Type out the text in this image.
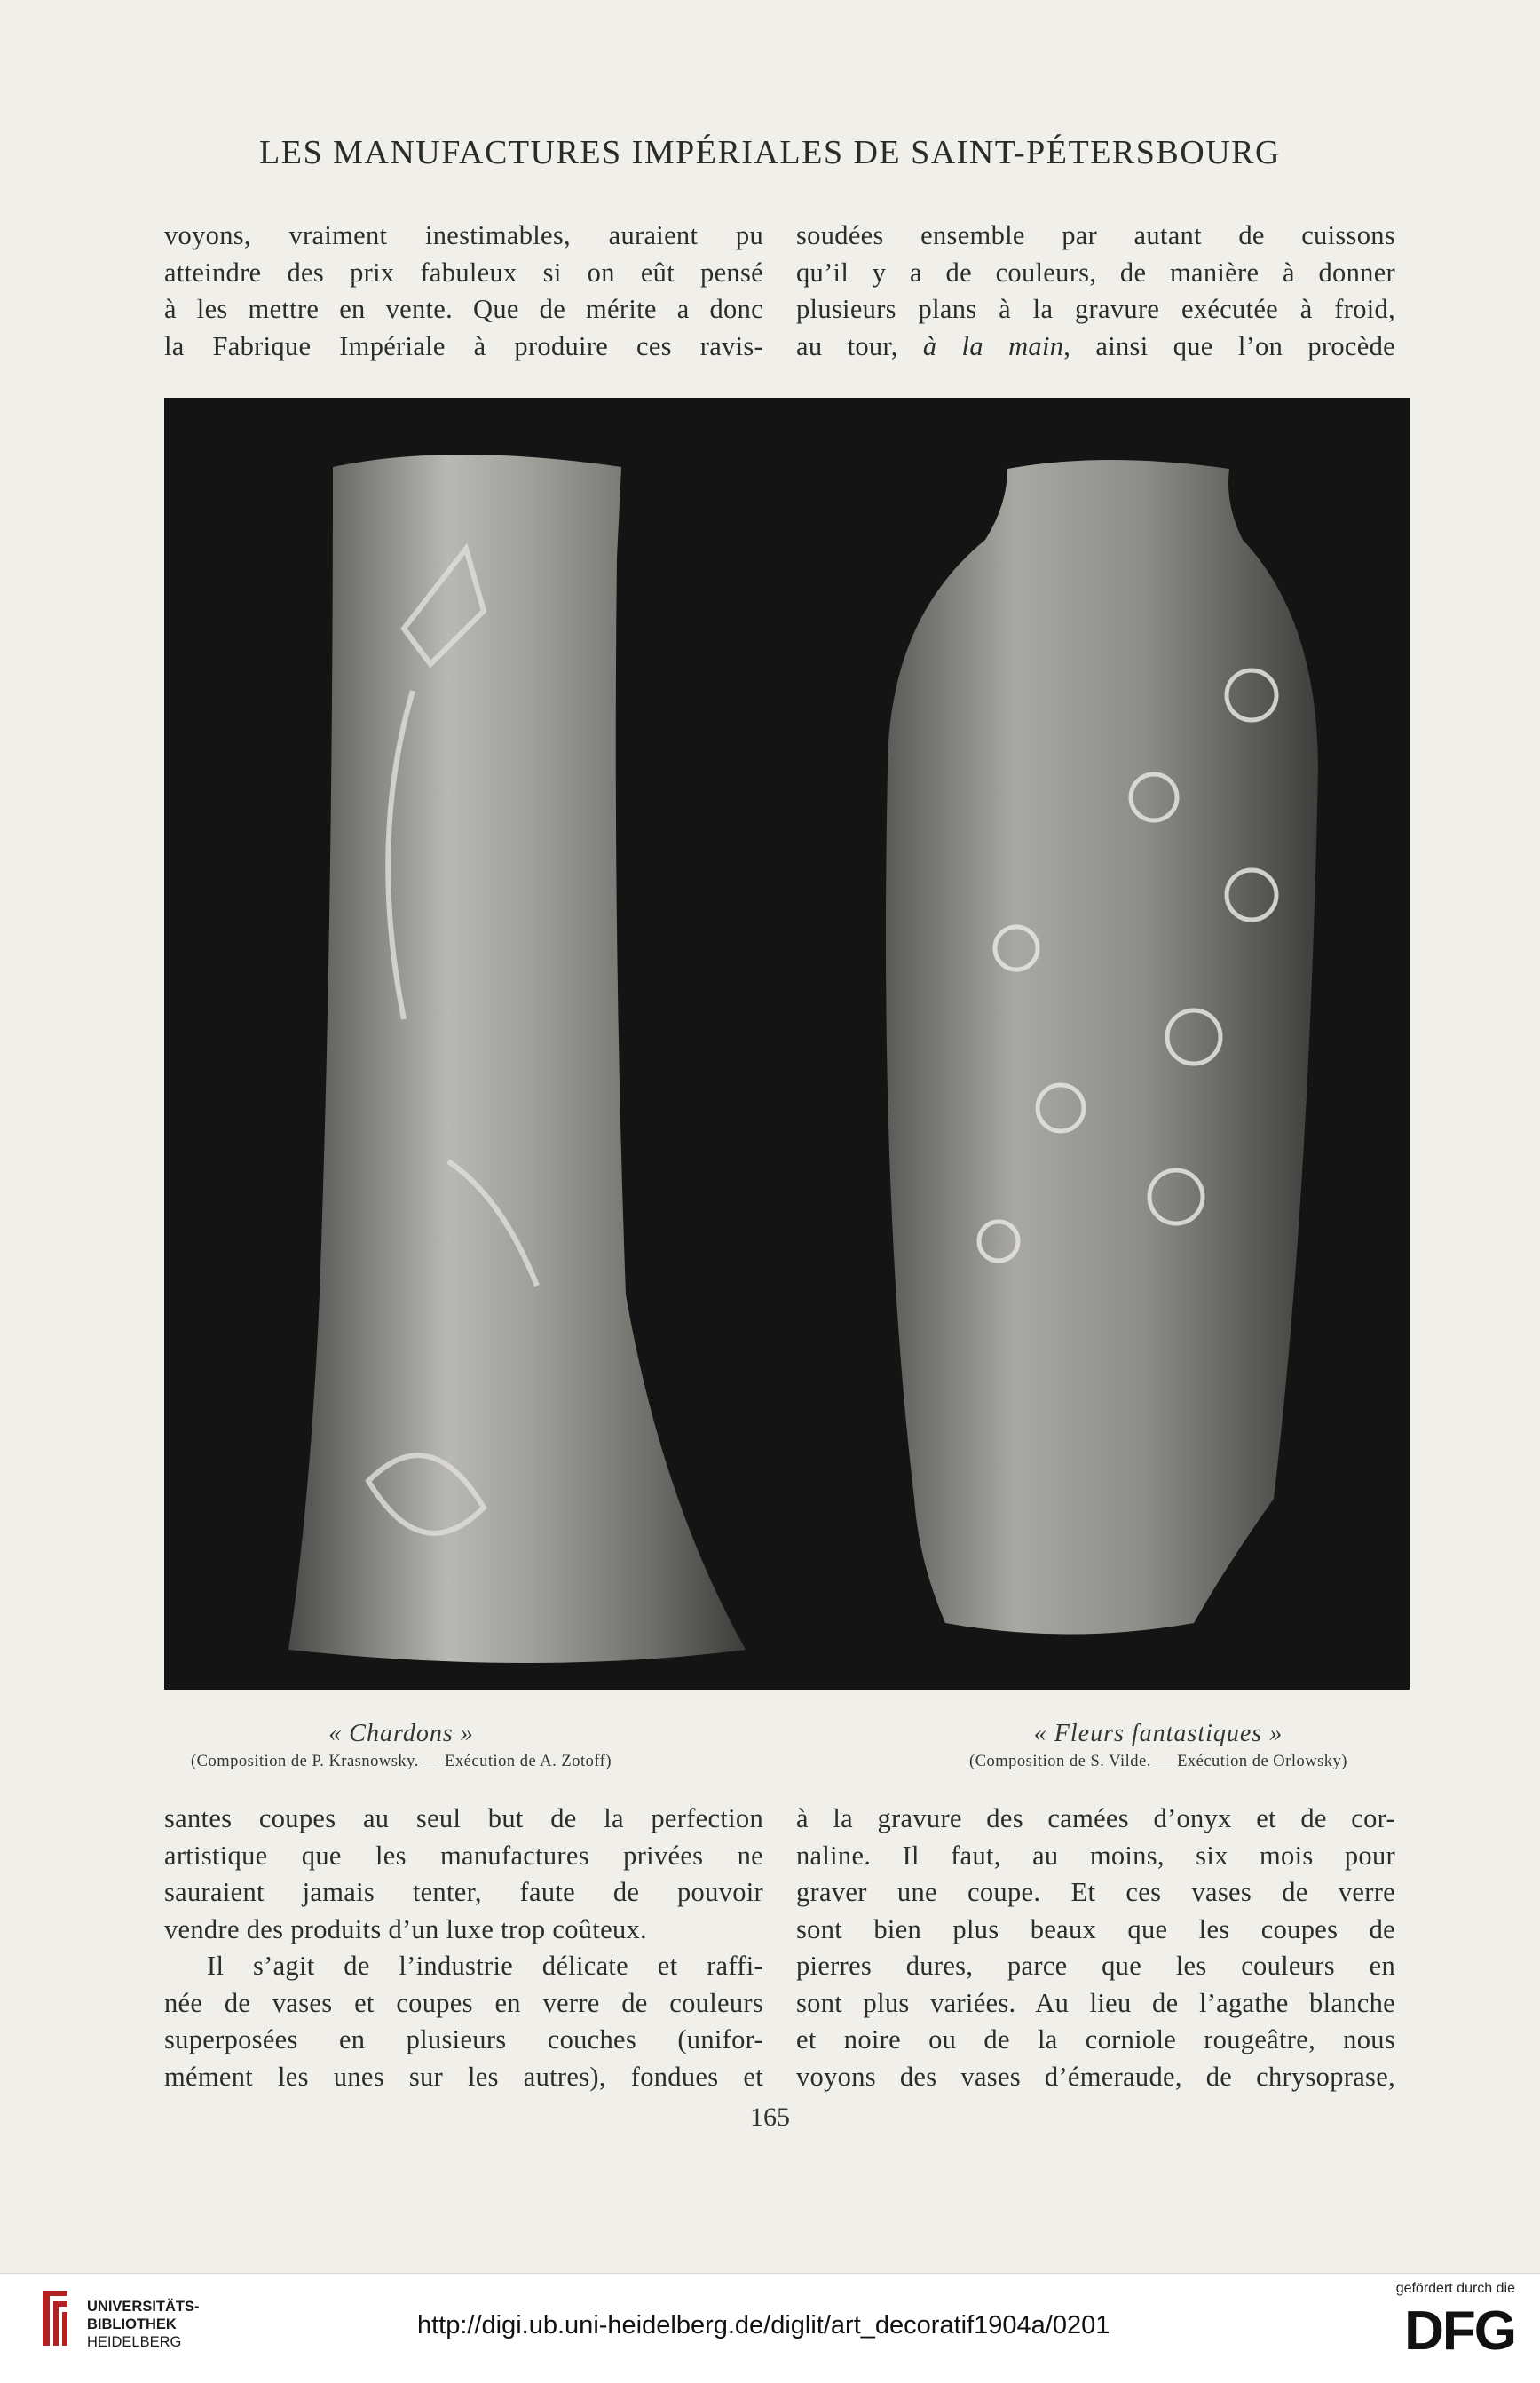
LES MANUFACTURES IMPÉRIALES DE SAINT-PÉTERSBOURG
voyons, vraiment inestimables, auraient pu
atteindre des prix fabuleux si on eût pensé
à les mettre en vente. Que de mérite a donc
la Fabrique Impériale à produire ces ravis-
soudées ensemble par autant de cuissons
qu’il y a de couleurs, de manière à donner
plusieurs plans à la gravure exécutée à froid,
au tour, à la main, ainsi que l’on procède
« Chardons »
(Composition de P. Krasnowsky. — Exécution de A. Zotoff)
« Fleurs fantastiques »
(Composition de S. Vilde. — Exécution de Orlowsky)
santes coupes au seul but de la perfection
artistique que les manufactures privées ne
sauraient jamais tenter, faute de pouvoir
vendre des produits d’un luxe trop coûteux.
Il s’agit de l’industrie délicate et raffi-
née de vases et coupes en verre de couleurs
superposées en plusieurs couches (unifor-
mément les unes sur les autres), fondues et
à la gravure des camées d’onyx et de cor-
naline. Il faut, au moins, six mois pour
graver une coupe. Et ces vases de verre
sont bien plus beaux que les coupes de
pierres dures, parce que les couleurs en
sont plus variées. Au lieu de l’agathe blanche
et noire ou de la corniole rougeâtre, nous
voyons des vases d’émeraude, de chrysoprase,
165
UNIVERSITÄTS-
BIBLIOTHEK
HEIDELBERG
http://digi.ub.uni-heidelberg.de/diglit/art_decoratif1904a/0201
gefördert durch die
DFG
